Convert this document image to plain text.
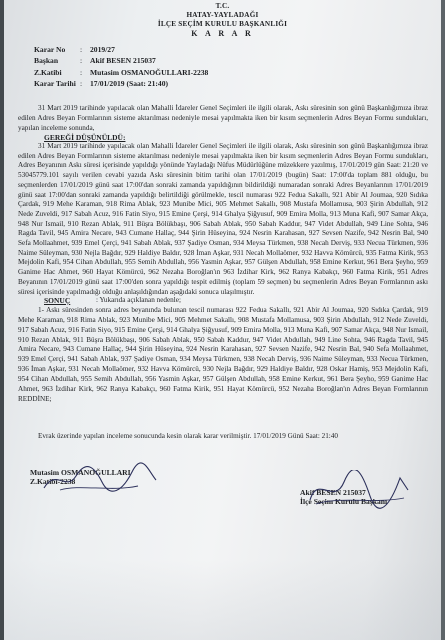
T.C.
HATAY-YAYLADAĞI
İLÇE SEÇİM KURULU BAŞKANLIĞI
K A R A R
Karar No	:	2019/27
Başkan	:	Akif BESEN 215037
Z.Katibi	:	Mutasim OSMANOĞULLARI-2238
Karar Tarihi :	17/01/2019 (Saat: 21:40)
31 Mart 2019 tarihinde yapılacak olan Mahalli İdareler Genel Seçimleri ile ilgili olarak, Askı süresinin son günü Başkanlığımıza ibraz edilen Adres Beyan Formlarının sisteme aktarılması nedeniyle mesai yapılmakta iken bir kısım seçmenlerin Adres Beyan Formu sundukları, yapılan inceleme sonunda,
GEREĞİ DÜŞÜNÜLDÜ:
31 Mart 2019 tarihinde yapılacak olan Mahalli İdareler Genel Seçimleri ile ilgili olarak, Askı süresinin son günü Başkanlığımıza ibraz edilen Adres Beyan Formlarının sisteme aktarılması nedeniyle mesai yapılmakta iken bir kısım seçmenlerin Adres Beyan Formu sundukları, Adres Beyanının Askı süresi içerisinde yapıldığı yönünde Yayladağı Nüfus Müdürlüğüne müzekkere yazılmış, 17/01/2019 gün Saat: 21:20 ve 53045779.101 sayılı verilen cevabi yazıda Askı süresinin bitim tarihi olan 17/01/2019 (bugün) Saat: 17:00'da toplam 881 olduğu, bu seçmenlerden 17/01/2019 günü saat 17:00'dan sonraki zamanda yapıldığının bildirildiği numaradan sonraki Adres Beyanlarının 17/01/2019 günü saat 17:00'dan sonraki zamanda yapıldığı belirtildiği görülmekle, tescil numarası 922 Fedua Sakallı, 921 Abir Al Joumaa, 920 Sıdıka Çardak, 919 Mehe Karaman, 918 Rima Ablak, 923 Munibe Mici, 905 Mehmet Sakallı, 908 Mustafa Mollamusa, 903 Şirin Abdullah, 912 Nede Zuveldi, 917 Sabah Acuz, 916 Fatin Siyo, 915 Emine Çerşi, 914 Ghalya Şiğyusuf, 909 Emira Molla, 913 Muna Kafi, 907 Samar Akça, 948 Nur Ismail, 910 Rezan Ablak, 911 Büşra Bölükbaşı, 906 Sabah Ablak, 950 Sabah Kaddur, 947 Videt Abdullah, 949 Line Sohta, 946 Ragda Tavil, 945 Amira Necare, 943 Cumane Hallaç, 944 Şirin Hüseyina, 924 Nesrin Karahasan, 927 Sevsen Nazife, 942 Nesrin Bal, 940 Sefa Mollaahmet, 939 Emel Çerçi, 941 Sabah Ablak, 937 Şadiye Osman, 934 Meysa Türkmen, 938 Necah Derviş, 933 Necua Türkmen, 936 Naime Süleyman, 930 Nejla Bağdır, 929 Haldiye Baldır, 928 İman Aşkar, 931 Necah Mollaömer, 932 Havva Kömürcü, 935 Fatma Kirik, 953 Mejdolin Kafi, 954 Cihan Abdullah, 955 Semih Abdullah, 956 Yasmin Aşkar, 957 Gülşen Abdullah, 958 Emine Kerkut, 961 Bera Şeyho, 959 Ganime Hac Ahmet, 960 Hayat Kömürcü, 962 Nezaha Boroğlan'ın 963 İzdihar Kirk, 962 Ranya Kabakçı, 960 Fatma Kirik, 951 Adres Beyanının 17/01/2019 günü saat 17:00'den sonra yapıldığı tespit edilmiş (toplam 59 seçmen) bu seçmenlerin Adres Beyan Formlarının askı süresi içerisinde yapılmadığı olduğu anlaşıldığından aşağıdaki sonuca ulaşılmıştır.
SONUÇ	: Yukarıda açıklanan nedenle;
1- Askı süresinden sonra adres beyanında bulunan tescil numarası 922 Fedua Sakallı, 921 Abir Al Joumaa, 920 Sıdıka Çardak, 919 Mehe Karaman, 918 Rima Ablak, 923 Munibe Mici, 905 Mehmet Sakallı, 908 Mustafa Mollamusa, 903 Şirin Abdullah, 912 Nede Zuveldi, 917 Sabah Acuz, 916 Fatin Siyo, 915 Emine Çerşi, 914 Ghalya Şiğyusuf, 909 Emira Molla, 913 Muna Kafi, 907 Samar Akça, 948 Nur Ismail, 910 Rezan Ablak, 911 Büşra Bölükbaşı, 906 Sabah Ablak, 950 Sabah Kaddur, 947 Videt Abdullah, 949 Line Sohta, 946 Ragda Tavil, 945 Amira Necare, 943 Cumane Hallaç, 944 Şirin Hüseyina, 924 Nesrin Karahasan, 927 Sevsen Nazife, 942 Nesrin Bal, 940 Sefa Mollaahmet, 939 Emel Çerçi, 941 Sabah Ablak, 937 Şadiye Osman, 934 Meysa Türkmen, 938 Necah Derviş, 936 Naime Süleyman, 933 Necua Türkmen, 936 İman Aşkar, 931 Necah Mollaömer, 932 Havva Kömürcü, 930 Nejla Bağdır, 929 Haldiye Baldır, 928 Oskar Hamiş, 953 Mejdolin Kafi, 954 Cihan Abdullah, 955 Semih Abdullah, 956 Yasmin Aşkar, 957 Gülşen Abdullah, 958 Emine Kerkut, 961 Bera Şeyho, 959 Ganime Hac Ahmet, 963 İzdihar Kirk, 962 Ranya Kabakçı, 960 Fatma Kirik, 951 Hayat Kömürcü, 952 Nezaha Boroğlan'ın Adres Beyan Formlarının REDDİNE;
Evrak üzerinde yapılan inceleme sonucunda kesin olarak karar verilmiştir. 17/01/2019 Günü Saat: 21:40
Mutasim OSMANOĞULLARI
Z.Katibi-2238
Akif BESEN 215037
İlçe Seçim Kurulu Başkanı
